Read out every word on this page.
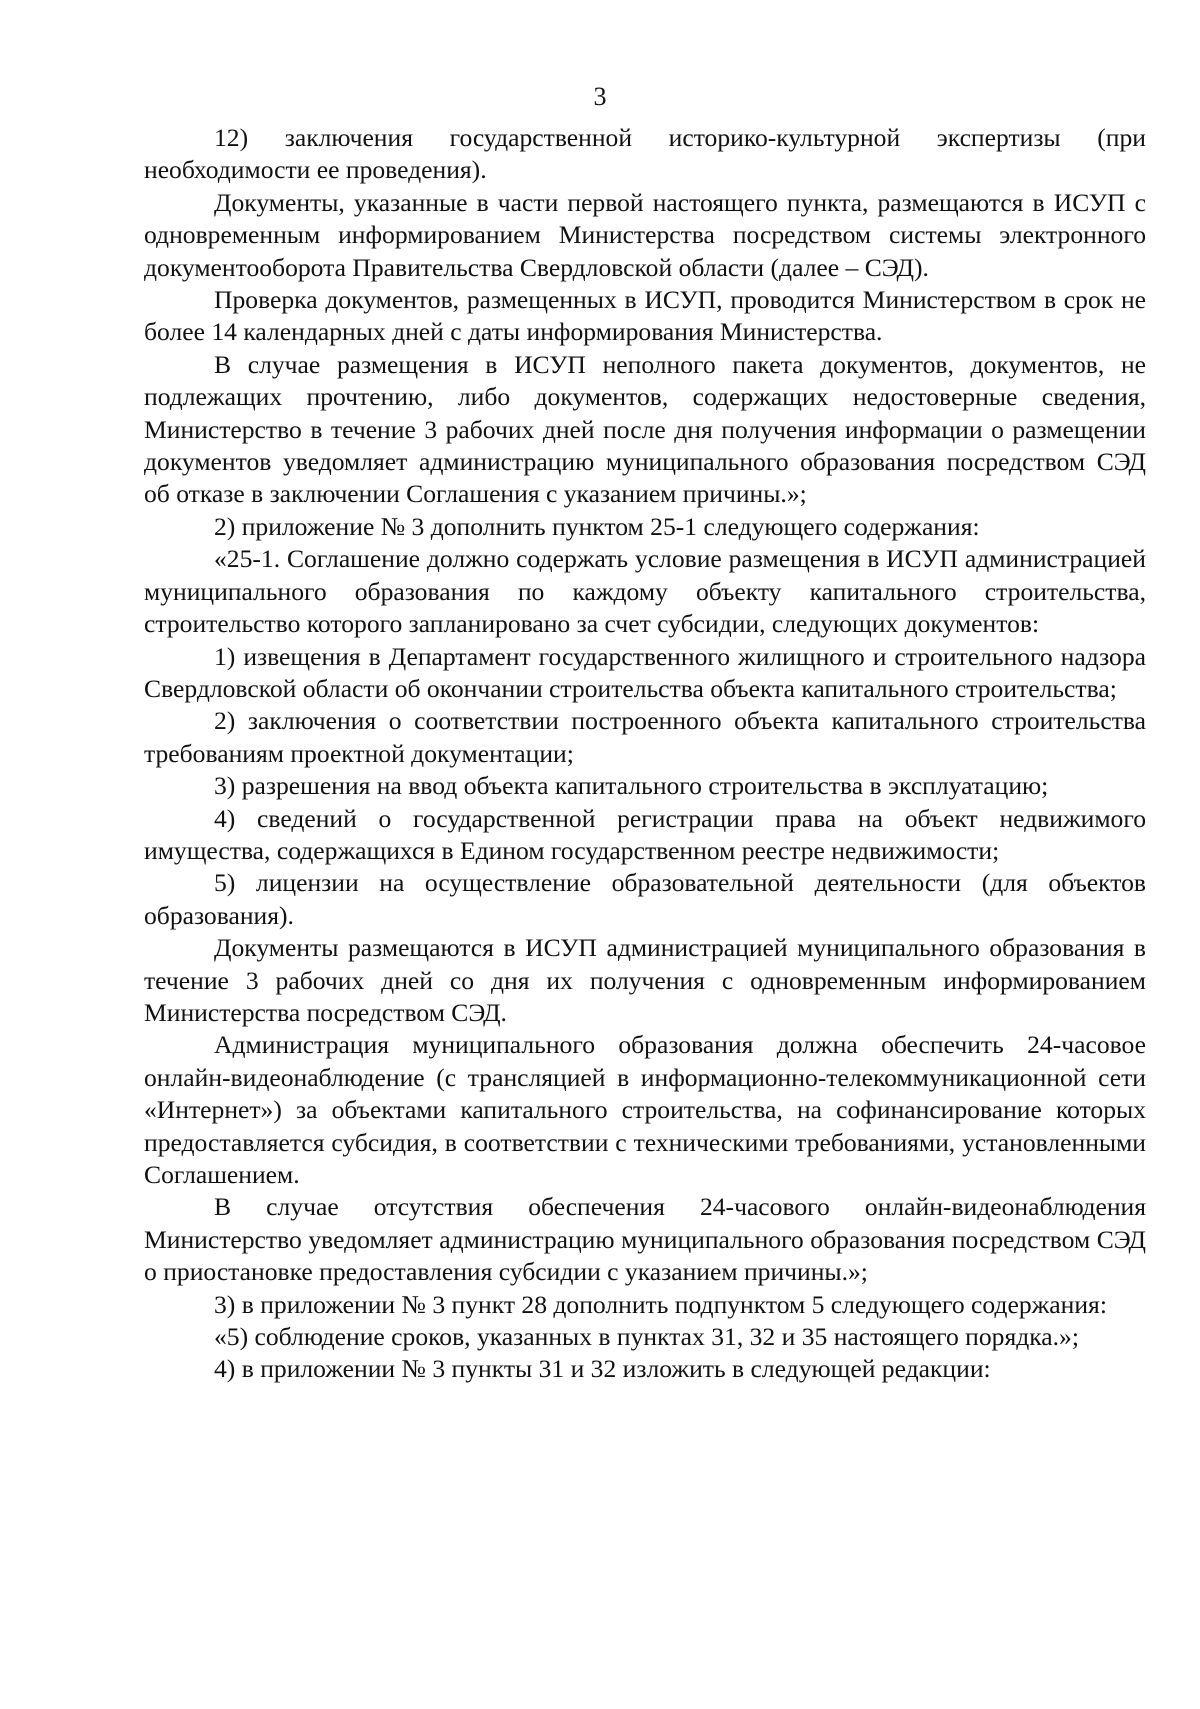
3

12) заключения государственной историко-культурной экспертизы (при необходимости ее проведения).

Документы, указанные в части первой настоящего пункта, размещаются в ИСУП с одновременным информированием Министерства посредством системы электронного документооборота Правительства Свердловской области (далее – СЭД).

Проверка документов, размещенных в ИСУП, проводится Министерством в срок не более 14 календарных дней с даты информирования Министерства.

В случае размещения в ИСУП неполного пакета документов, документов, не подлежащих прочтению, либо документов, содержащих недостоверные сведения, Министерство в течение 3 рабочих дней после дня получения информации о размещении документов уведомляет администрацию муниципального образования посредством СЭД об отказе в заключении Соглашения с указанием причины.»;

2) приложение № 3 дополнить пунктом 25-1 следующего содержания:

«25-1. Соглашение должно содержать условие размещения в ИСУП администрацией муниципального образования по каждому объекту капитального строительства, строительство которого запланировано за счет субсидии, следующих документов:

1) извещения в Департамент государственного жилищного и строительного надзора Свердловской области об окончании строительства объекта капитального строительства;

2) заключения о соответствии построенного объекта капитального строительства требованиям проектной документации;

3) разрешения на ввод объекта капитального строительства в эксплуатацию;

4) сведений о государственной регистрации права на объект недвижимого имущества, содержащихся в Едином государственном реестре недвижимости;

5) лицензии на осуществление образовательной деятельности (для объектов образования).

Документы размещаются в ИСУП администрацией муниципального образования в течение 3 рабочих дней со дня их получения с одновременным информированием Министерства посредством СЭД.

Администрация муниципального образования должна обеспечить 24-часовое онлайн-видеонаблюдение (с трансляцией в информационно-телекоммуникационной сети «Интернет») за объектами капитального строительства, на софинансирование которых предоставляется субсидия, в соответствии с техническими требованиями, установленными Соглашением.

В случае отсутствия обеспечения 24-часового онлайн-видеонаблюдения Министерство уведомляет администрацию муниципального образования посредством СЭД о приостановке предоставления субсидии с указанием причины.»;

3) в приложении № 3 пункт 28 дополнить подпунктом 5 следующего содержания:

«5) соблюдение сроков, указанных в пунктах 31, 32 и 35 настоящего порядка.»;

4) в приложении № 3 пункты 31 и 32 изложить в следующей редакции:
